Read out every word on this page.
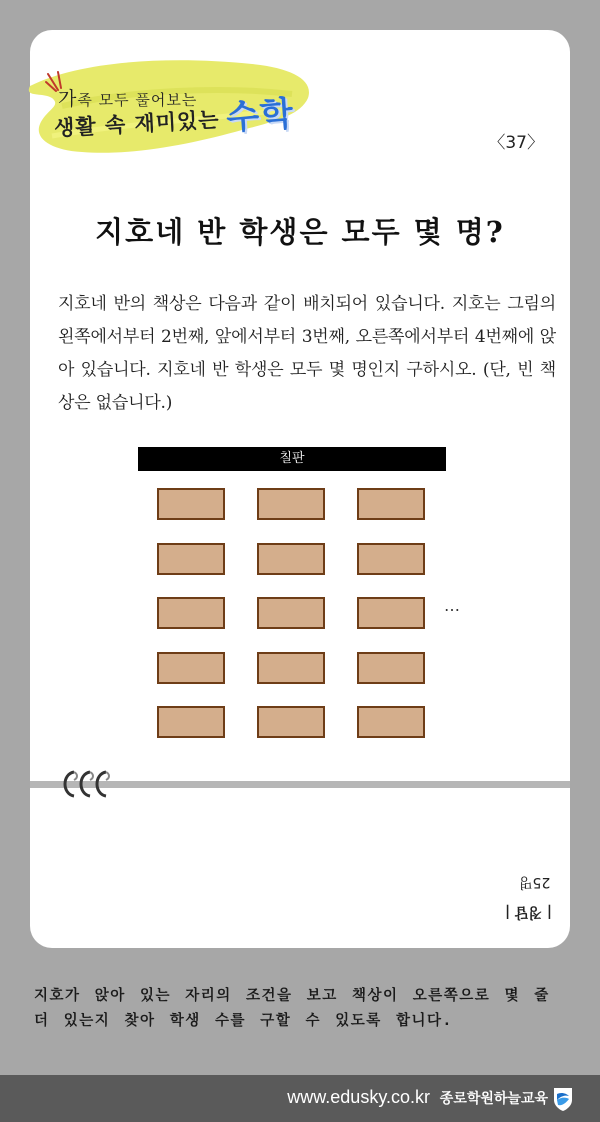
가족 모두 풀어보는
생활 속 재미있는 수학
〈37〉
지호네 반 학생은 모두 몇 명?
지호네 반의 책상은 다음과 같이 배치되어 있습니다. 지호는 그림의 왼쪽에서부터 2번째, 앞에서부터 3번째, 오른쪽에서부터 4번째에 앉아 있습니다. 지호네 반 학생은 모두 몇 명인지 구하시오. (단, 빈 책상은 없습니다.)
칠판
…
25명
| 정답 |
지호가 앉아 있는 자리의 조건을 보고 책상이 오른쪽으로 몇 줄 더 있는지 찾아 학생 수를 구할 수 있도록 합니다.
www.edusky.co.kr 종로학원하늘교육
